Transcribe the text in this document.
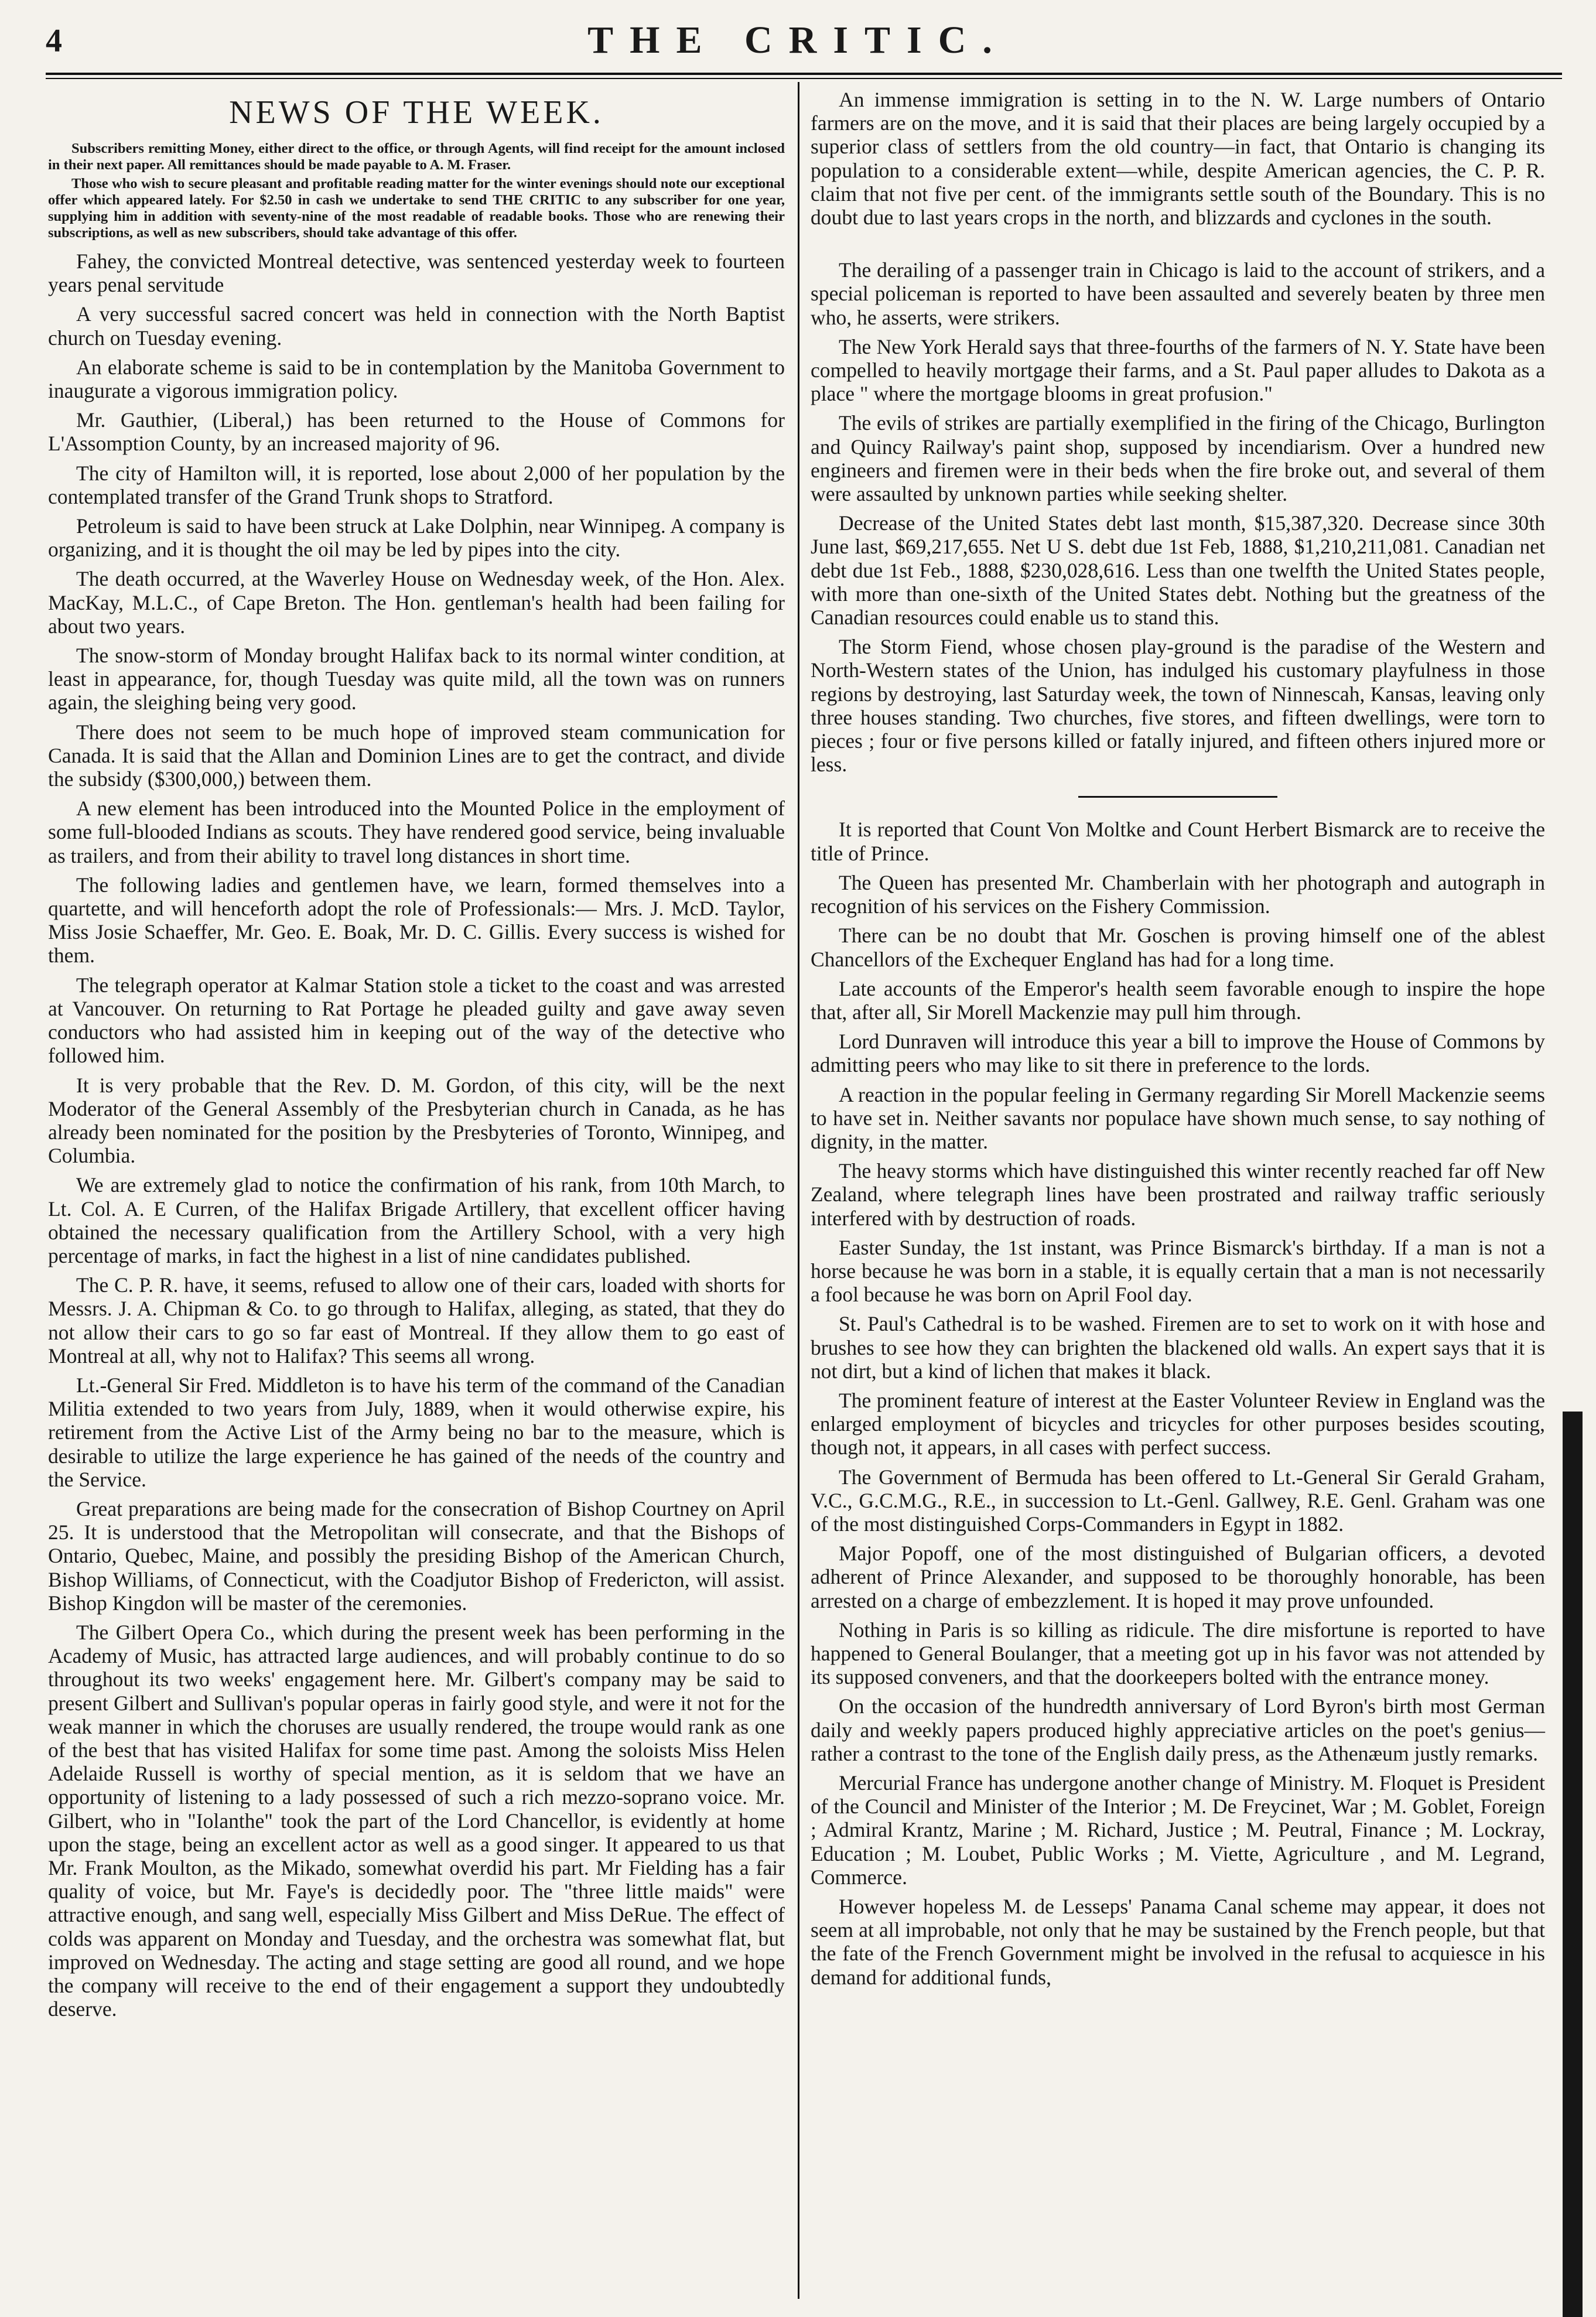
4	THE CRITIC.
NEWS OF THE WEEK.

Subscribers remitting Money, either direct to the office, or through Agents, will find receipt for the amount inclosed in their next paper. All remittances should be made payable to A. M. Fraser.

Those who wish to secure pleasant and profitable reading matter for the winter evenings should note our exceptional offer which appeared lately. For $2.50 in cash we undertake to send THE CRITIC to any subscriber for one year, supplying him in addition with seventy-nine of the most readable of readable books. Those who are renewing their subscriptions, as well as new subscribers, should take advantage of this offer.

Fahey, the convicted Montreal detective, was sentenced yesterday week to fourteen years penal servitude

A very successful sacred concert was held in connection with the North Baptist church on Tuesday evening.

An elaborate scheme is said to be in contemplation by the Manitoba Government to inaugurate a vigorous immigration policy.

Mr. Gauthier, (Liberal,) has been returned to the House of Commons for L'Assomption County, by an increased majority of 96.

The city of Hamilton will, it is reported, lose about 2,000 of her population by the contemplated transfer of the Grand Trunk shops to Stratford.

Petroleum is said to have been struck at Lake Dolphin, near Winnipeg. A company is organizing, and it is thought the oil may be led by pipes into the city.

The death occurred, at the Waverley House on Wednesday week, of the Hon. Alex. MacKay, M.L.C., of Cape Breton. The Hon. gentleman's health had been failing for about two years.

The snow-storm of Monday brought Halifax back to its normal winter condition, at least in appearance, for, though Tuesday was quite mild, all the town was on runners again, the sleighing being very good.

There does not seem to be much hope of improved steam communication for Canada. It is said that the Allan and Dominion Lines are to get the contract, and divide the subsidy ($300,000,) between them.

A new element has been introduced into the Mounted Police in the employment of some full-blooded Indians as scouts. They have rendered good service, being invaluable as trailers, and from their ability to travel long distances in short time.

The following ladies and gentlemen have, we learn, formed themselves into a quartette, and will henceforth adopt the role of Professionals:— Mrs. J. McD. Taylor, Miss Josie Schaeffer, Mr. Geo. E. Boak, Mr. D. C. Gillis. Every success is wished for them.

The telegraph operator at Kalmar Station stole a ticket to the coast and was arrested at Vancouver. On returning to Rat Portage he pleaded guilty and gave away seven conductors who had assisted him in keeping out of the way of the detective who followed him.

It is very probable that the Rev. D. M. Gordon, of this city, will be the next Moderator of the General Assembly of the Presbyterian church in Canada, as he has already been nominated for the position by the Presbyteries of Toronto, Winnipeg, and Columbia.

We are extremely glad to notice the confirmation of his rank, from 10th March, to Lt. Col. A. E Curren, of the Halifax Brigade Artillery, that excellent officer having obtained the necessary qualification from the Artillery School, with a very high percentage of marks, in fact the highest in a list of nine candidates published.

The C. P. R. have, it seems, refused to allow one of their cars, loaded with shorts for Messrs. J. A. Chipman & Co. to go through to Halifax, alleging, as stated, that they do not allow their cars to go so far east of Montreal. If they allow them to go east of Montreal at all, why not to Halifax? This seems all wrong.

Lt.-General Sir Fred. Middleton is to have his term of the command of the Canadian Militia extended to two years from July, 1889, when it would otherwise expire, his retirement from the Active List of the Army being no bar to the measure, which is desirable to utilize the large experience he has gained of the needs of the country and the Service.

Great preparations are being made for the consecration of Bishop Courtney on April 25. It is understood that the Metropolitan will consecrate, and that the Bishops of Ontario, Quebec, Maine, and possibly the presiding Bishop of the American Church, Bishop Williams, of Connecticut, with the Coadjutor Bishop of Fredericton, will assist. Bishop Kingdon will be master of the ceremonies.

The Gilbert Opera Co., which during the present week has been performing in the Academy of Music, has attracted large audiences, and will probably continue to do so throughout its two weeks' engagement here. Mr. Gilbert's company may be said to present Gilbert and Sullivan's popular operas in fairly good style, and were it not for the weak manner in which the choruses are usually rendered, the troupe would rank as one of the best that has visited Halifax for some time past. Among the soloists Miss Helen Adelaide Russell is worthy of special mention, as it is seldom that we have an opportunity of listening to a lady possessed of such a rich mezzo-soprano voice. Mr. Gilbert, who in "Iolanthe" took the part of the Lord Chancellor, is evidently at home upon the stage, being an excellent actor as well as a good singer. It appeared to us that Mr. Frank Moulton, as the Mikado, somewhat overdid his part. Mr Fielding has a fair quality of voice, but Mr. Faye's is decidedly poor. The "three little maids" were attractive enough, and sang well, especially Miss Gilbert and Miss DeRue. The effect of colds was apparent on Monday and Tuesday, and the orchestra was somewhat flat, but improved on Wednesday. The acting and stage setting are good all round, and we hope the company will receive to the end of their engagement a support they undoubtedly deserve.

An immense immigration is setting in to the N. W. Large numbers of Ontario farmers are on the move, and it is said that their places are being largely occupied by a superior class of settlers from the old country—in fact, that Ontario is changing its population to a considerable extent—while, despite American agencies, the C. P. R. claim that not five per cent. of the immigrants settle south of the Boundary. This is no doubt due to last years crops in the north, and blizzards and cyclones in the south.

The derailing of a passenger train in Chicago is laid to the account of strikers, and a special policeman is reported to have been assaulted and severely beaten by three men who, he asserts, were strikers.

The New York Herald says that three-fourths of the farmers of N. Y. State have been compelled to heavily mortgage their farms, and a St. Paul paper alludes to Dakota as a place " where the mortgage blooms in great profusion."

The evils of strikes are partially exemplified in the firing of the Chicago, Burlington and Quincy Railway's paint shop, supposed by incendiarism. Over a hundred new engineers and firemen were in their beds when the fire broke out, and several of them were assaulted by unknown parties while seeking shelter.

Decrease of the United States debt last month, $15,387,320. Decrease since 30th June last, $69,217,655. Net U S. debt due 1st Feb, 1888, $1,210,211,081. Canadian net debt due 1st Feb., 1888, $230,028,616. Less than one twelfth the United States people, with more than one-sixth of the United States debt. Nothing but the greatness of the Canadian resources could enable us to stand this.

The Storm Fiend, whose chosen play-ground is the paradise of the Western and North-Western states of the Union, has indulged his customary playfulness in those regions by destroying, last Saturday week, the town of Ninnescah, Kansas, leaving only three houses standing. Two churches, five stores, and fifteen dwellings, were torn to pieces ; four or five persons killed or fatally injured, and fifteen others injured more or less.

It is reported that Count Von Moltke and Count Herbert Bismarck are to receive the title of Prince.

The Queen has presented Mr. Chamberlain with her photograph and autograph in recognition of his services on the Fishery Commission.

There can be no doubt that Mr. Goschen is proving himself one of the ablest Chancellors of the Exchequer England has had for a long time.

Late accounts of the Emperor's health seem favorable enough to inspire the hope that, after all, Sir Morell Mackenzie may pull him through.

Lord Dunraven will introduce this year a bill to improve the House of Commons by admitting peers who may like to sit there in preference to the lords.

A reaction in the popular feeling in Germany regarding Sir Morell Mackenzie seems to have set in. Neither savants nor populace have shown much sense, to say nothing of dignity, in the matter.

The heavy storms which have distinguished this winter recently reached far off New Zealand, where telegraph lines have been prostrated and railway traffic seriously interfered with by destruction of roads.

Easter Sunday, the 1st instant, was Prince Bismarck's birthday. If a man is not a horse because he was born in a stable, it is equally certain that a man is not necessarily a fool because he was born on April Fool day.

St. Paul's Cathedral is to be washed. Firemen are to set to work on it with hose and brushes to see how they can brighten the blackened old walls. An expert says that it is not dirt, but a kind of lichen that makes it black.

The prominent feature of interest at the Easter Volunteer Review in England was the enlarged employment of bicycles and tricycles for other purposes besides scouting, though not, it appears, in all cases with perfect success.

The Government of Bermuda has been offered to Lt.-General Sir Gerald Graham, V.C., G.C.M.G., R.E., in succession to Lt.-Genl. Gallwey, R.E. Genl. Graham was one of the most distinguished Corps-Commanders in Egypt in 1882.

Major Popoff, one of the most distinguished of Bulgarian officers, a devoted adherent of Prince Alexander, and supposed to be thoroughly honorable, has been arrested on a charge of embezzlement. It is hoped it may prove unfounded.

Nothing in Paris is so killing as ridicule. The dire misfortune is reported to have happened to General Boulanger, that a meeting got up in his favor was not attended by its supposed conveners, and that the doorkeepers bolted with the entrance money.

On the occasion of the hundredth anniversary of Lord Byron's birth most German daily and weekly papers produced highly appreciative articles on the poet's genius—rather a contrast to the tone of the English daily press, as the Athenæum justly remarks.

Mercurial France has undergone another change of Ministry. M. Floquet is President of the Council and Minister of the Interior ; M. De Freycinet, War ; M. Goblet, Foreign ; Admiral Krantz, Marine ; M. Richard, Justice ; M. Peutral, Finance ; M. Lockray, Education ; M. Loubet, Public Works ; M. Viette, Agriculture , and M. Legrand, Commerce.

However hopeless M. de Lesseps' Panama Canal scheme may appear, it does not seem at all improbable, not only that he may be sustained by the French people, but that the fate of the French Government might be involved in the refusal to acquiesce in his demand for additional funds,
